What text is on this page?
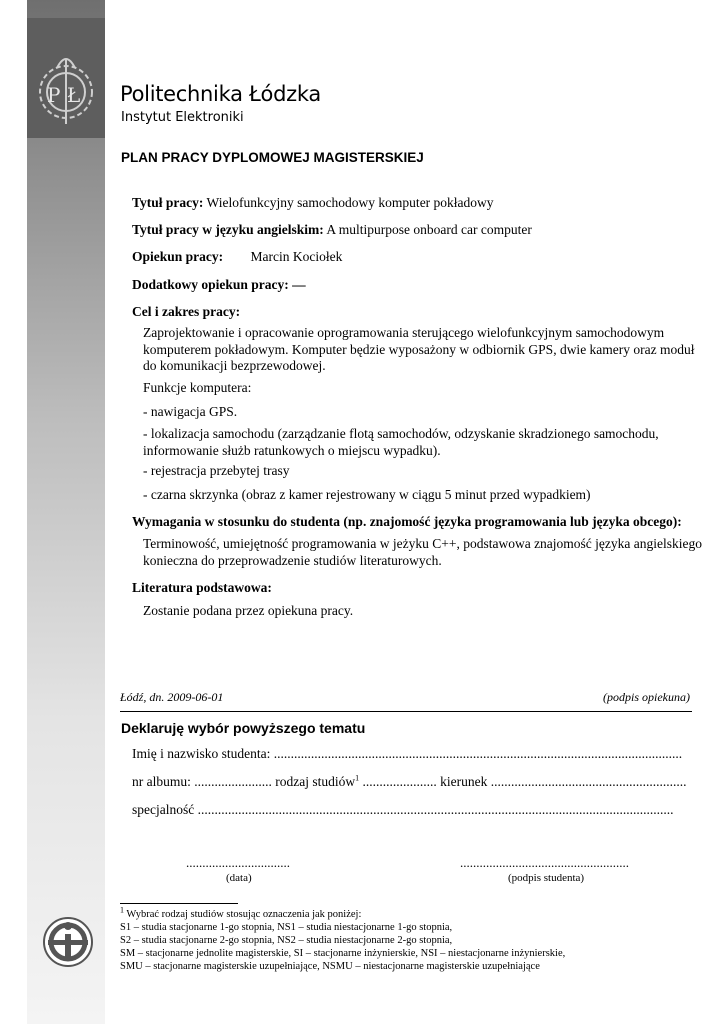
P Ł Politechnika Łódzka
Instytut Elektroniki
PLAN PRACY DYPLOMOWEJ MAGISTERSKIEJ
Tytuł pracy: Wielofunkcyjny samochodowy komputer pokładowy
Tytuł pracy w języku angielskim: A multipurpose onboard car computer
Opiekun pracy: Marcin Kociołek
Dodatkowy opiekun pracy: —
Cel i zakres pracy:
Zaprojektowanie i opracowanie oprogramowania sterującego wielofunkcyjnym samochodowym komputerem pokładowym. Komputer będzie wyposażony w odbiornik GPS, dwie kamery oraz moduł do komunikacji bezprzewodowej.
Funkcje komputera:
- nawigacja GPS.
- lokalizacja samochodu (zarządzanie flotą samochodów, odzyskanie skradzionego samochodu, informowanie służb ratunkowych o miejscu wypadku).
- rejestracja przebytej trasy
- czarna skrzynka (obraz z kamer rejestrowany w ciągu 5 minut przed wypadkiem)
Wymagania w stosunku do studenta (np. znajomość języka programowania lub języka obcego):
Terminowość, umiejętność programowania w jeżyku C++, podstawowa znajomość języka angielskiego konieczna do przeprowadzenie studiów literaturowych.
Literatura podstawowa:
Zostanie podana przez opiekuna pracy.
Łódź, dn. 2009-06-01	(podpis opiekuna)
Deklaruję wybór powyższego tematu
Imię i nazwisko studenta: .........................................................................................................................
nr albumu: ....................... rodzaj studiów$^1$ ...................... kierunek ..........................................................
specjalność .............................................................................................................................................
................................
(data)
....................................................
(podpis studenta)
$^1$ Wybrać rodzaj studiów stosując oznaczenia jak poniżej:
S1 – studia stacjonarne 1-go stopnia, NS1 – studia niestacjonarne 1-go stopnia,
S2 – studia stacjonarne 2-go stopnia, NS2 – studia niestacjonarne 2-go stopnia,
SM – stacjonarne jednolite magisterskie, SI – stacjonarne inżynierskie, NSI – niestacjonarne inżynierskie,
SMU – stacjonarne magisterskie uzupełniające, NSMU – niestacjonarne magisterskie uzupełniające
